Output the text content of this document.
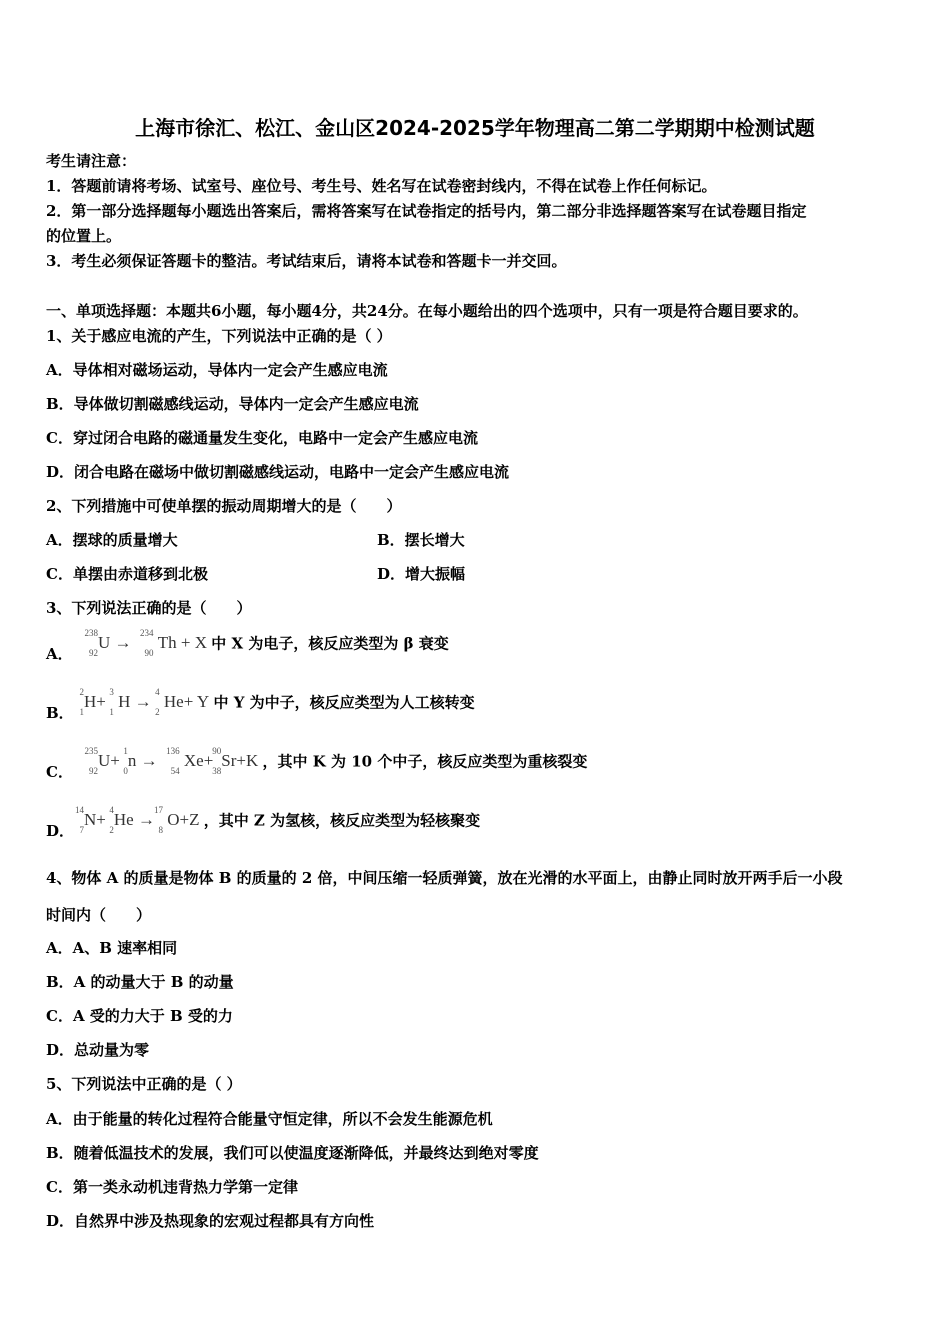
上海市徐汇、松江、金山区2024-2025学年物理高二第二学期期中检测试题
考生请注意：
1．答题前请将考场、试室号、座位号、考生号、姓名写在试卷密封线内，不得在试卷上作任何标记。
2．第一部分选择题每小题选出答案后，需将答案写在试卷指定的括号内，第二部分非选择题答案写在试卷题目指定
的位置上。
3．考生必须保证答题卡的整洁。考试结束后，请将本试卷和答题卡一并交回。
一、单项选择题：本题共6小题，每小题4分，共24分。在每小题给出的四个选项中，只有一项是符合题目要求的。
1、关于感应电流的产生，下列说法中正确的是（ ）
A．导体相对磁场运动，导体内一定会产生感应电流
B．导体做切割磁感线运动，导体内一定会产生感应电流
C．穿过闭合电路的磁通量发生变化，电路中一定会产生感应电流
D．闭合电路在磁场中做切割磁感线运动，电路中一定会产生感应电流
2、下列措施中可使单摆的振动周期增大的是（　　）
A．摆球的质量增大	B．摆长增大
C．单摆由赤道移到北极	D．增大振幅
3、下列说法正确的是（　　）
A．
238
92
U → 234
90
Th + X 中 X 为电子，核反应类型为 β 衰变
B．
2
1
H+ 3
1
H → 4
2
He+ Y 中 Y 为中子，核反应类型为人工核转变
C．
235
92
U+ 1
0
n → 136
54
Xe+ 90
38
Sr+K ，其中 K 为 10 个中子，核反应类型为重核裂变
D．
14
7
N+ 4
2
He → 17
8
O+Z ，其中 Z 为氢核，核反应类型为轻核聚变
4、物体 A 的质量是物体 B 的质量的 2 倍，中间压缩一轻质弹簧，放在光滑的水平面上，由静止同时放开两手后一小段
时间内（　　）
A．A、B 速率相同
B．A 的动量大于 B 的动量
C．A 受的力大于 B 受的力
D．总动量为零
5、下列说法中正确的是（ ）
A．由于能量的转化过程符合能量守恒定律，所以不会发生能源危机
B．随着低温技术的发展，我们可以使温度逐渐降低，并最终达到绝对零度
C．第一类永动机违背热力学第一定律
D．自然界中涉及热现象的宏观过程都具有方向性
